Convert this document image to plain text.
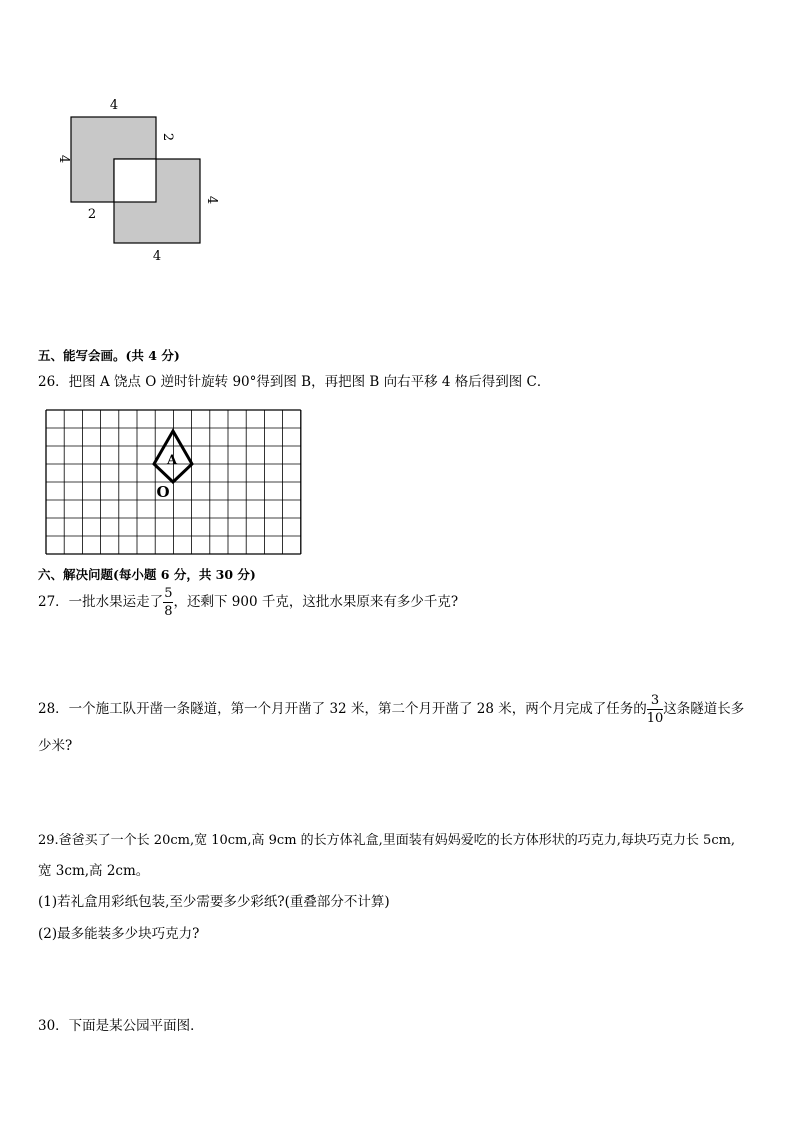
4
4
2
2
4
4
五、能写会画。(共 4 分)
26．把图 A 饶点 O 逆时针旋转 90°得到图 B，再把图 B 向右平移 4 格后得到图 C．
A
O
六、解决问题(每小题 6 分，共 30 分)
27．一批水果运走了 $\frac{5}{8}$ ，还剩下 900 千克，这批水果原来有多少千克?
28．一个施工队开凿一条隧道，第一个月开凿了 32 米，第二个月开凿了 28 米，两个月完成了任务的 $\frac{3}{10}$ 这条隧道长多
少米?
29.爸爸买了一个长 20cm,宽 10cm,高 9cm 的长方体礼盒,里面装有妈妈爱吃的长方体形状的巧克力,每块巧克力长 5cm,
宽 3cm,高 2cm。
(1)若礼盒用彩纸包装,至少需要多少彩纸?(重叠部分不计算)
(2)最多能装多少块巧克力?
30．下面是某公园平面图．
